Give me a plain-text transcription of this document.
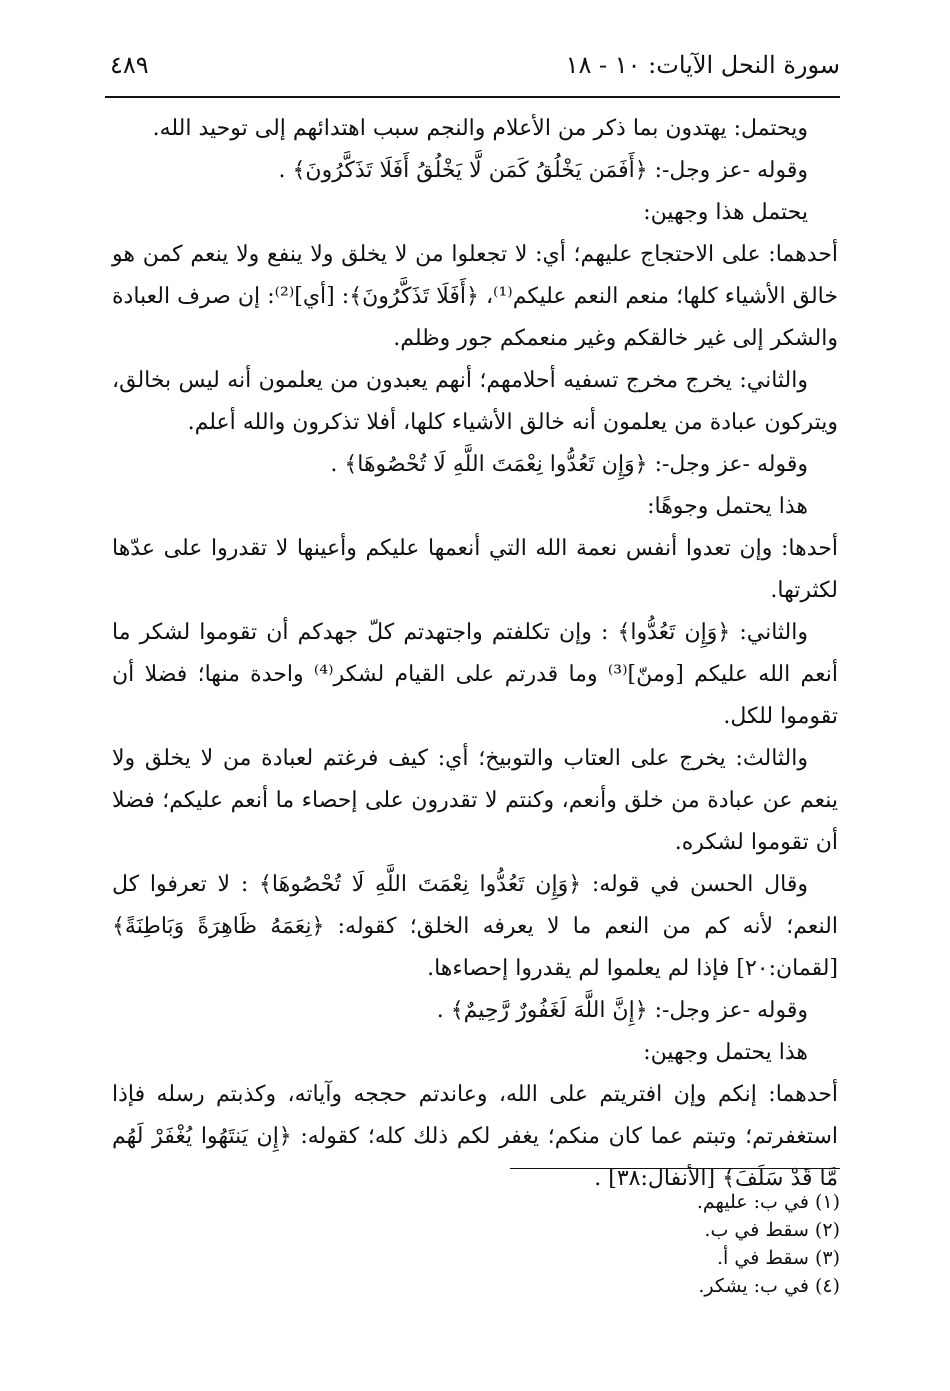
سورة النحل الآيات: ١٠ - ١٨
٤٨٩

ويحتمل: يهتدون بما ذكر من الأعلام والنجم سبب اهتدائهم إلى توحيد الله.

وقوله -عز وجل-: ﴿أَفَمَن يَخْلُقُ كَمَن لَّا يَخْلُقُ أَفَلَا تَذَكَّرُونَ﴾ .

يحتمل هذا وجهين:

أحدهما: على الاحتجاج عليهم؛ أي: لا تجعلوا من لا يخلق ولا ينفع ولا ينعم كمن هو خالق الأشياء كلها؛ منعم النعم عليكم⁽¹⁾، ﴿أَفَلَا تَذَكَّرُونَ﴾: [أي]⁽²⁾: إن صرف العبادة والشكر إلى غير خالقكم وغير منعمكم جور وظلم.

والثاني: يخرج مخرج تسفيه أحلامهم؛ أنهم يعبدون من يعلمون أنه ليس بخالق، ويتركون عبادة من يعلمون أنه خالق الأشياء كلها، أفلا تذكرون والله أعلم.

وقوله -عز وجل-: ﴿وَإِن تَعُدُّوا نِعْمَتَ اللَّهِ لَا تُحْصُوهَا﴾ .

هذا يحتمل وجوهًا:

أحدها: وإن تعدوا أنفس نعمة الله التي أنعمها عليكم وأعينها لا تقدروا على عدّها لكثرتها.

والثاني: ﴿وَإِن تَعُدُّوا﴾ : وإن تكلفتم واجتهدتم كلّ جهدكم أن تقوموا لشكر ما أنعم الله عليكم [ومنّ]⁽³⁾ وما قدرتم على القيام لشكر⁽⁴⁾ واحدة منها؛ فضلا أن تقوموا للكل.

والثالث: يخرج على العتاب والتوبيخ؛ أي: كيف فرغتم لعبادة من لا يخلق ولا ينعم عن عبادة من خلق وأنعم، وكنتم لا تقدرون على إحصاء ما أنعم عليكم؛ فضلا أن تقوموا لشكره.

وقال الحسن في قوله: ﴿وَإِن تَعُدُّوا نِعْمَتَ اللَّهِ لَا تُحْصُوهَا﴾ : لا تعرفوا كل النعم؛ لأنه كم من النعم ما لا يعرفه الخلق؛ كقوله: ﴿نِعَمَهُ ظَاهِرَةً وَبَاطِنَةً﴾ [لقمان:٢٠] فإذا لم يعلموا لم يقدروا إحصاءها.

وقوله -عز وجل-: ﴿إِنَّ اللَّهَ لَغَفُورٌ رَّحِيمٌ﴾ .

هذا يحتمل وجهين:

أحدهما: إنكم وإن افتريتم على الله، وعاندتم حججه وآياته، وكذبتم رسله فإذا استغفرتم؛ وتبتم عما كان منكم؛ يغفر لكم ذلك كله؛ كقوله: ﴿إِن يَنتَهُوا يُغْفَرْ لَهُم مَّا قَدْ سَلَفَ﴾ [الأنفال:٣٨] .

(١) في ب: عليهم.

(٢) سقط في ب.

(٣) سقط في أ.

(٤) في ب: يشكر.
